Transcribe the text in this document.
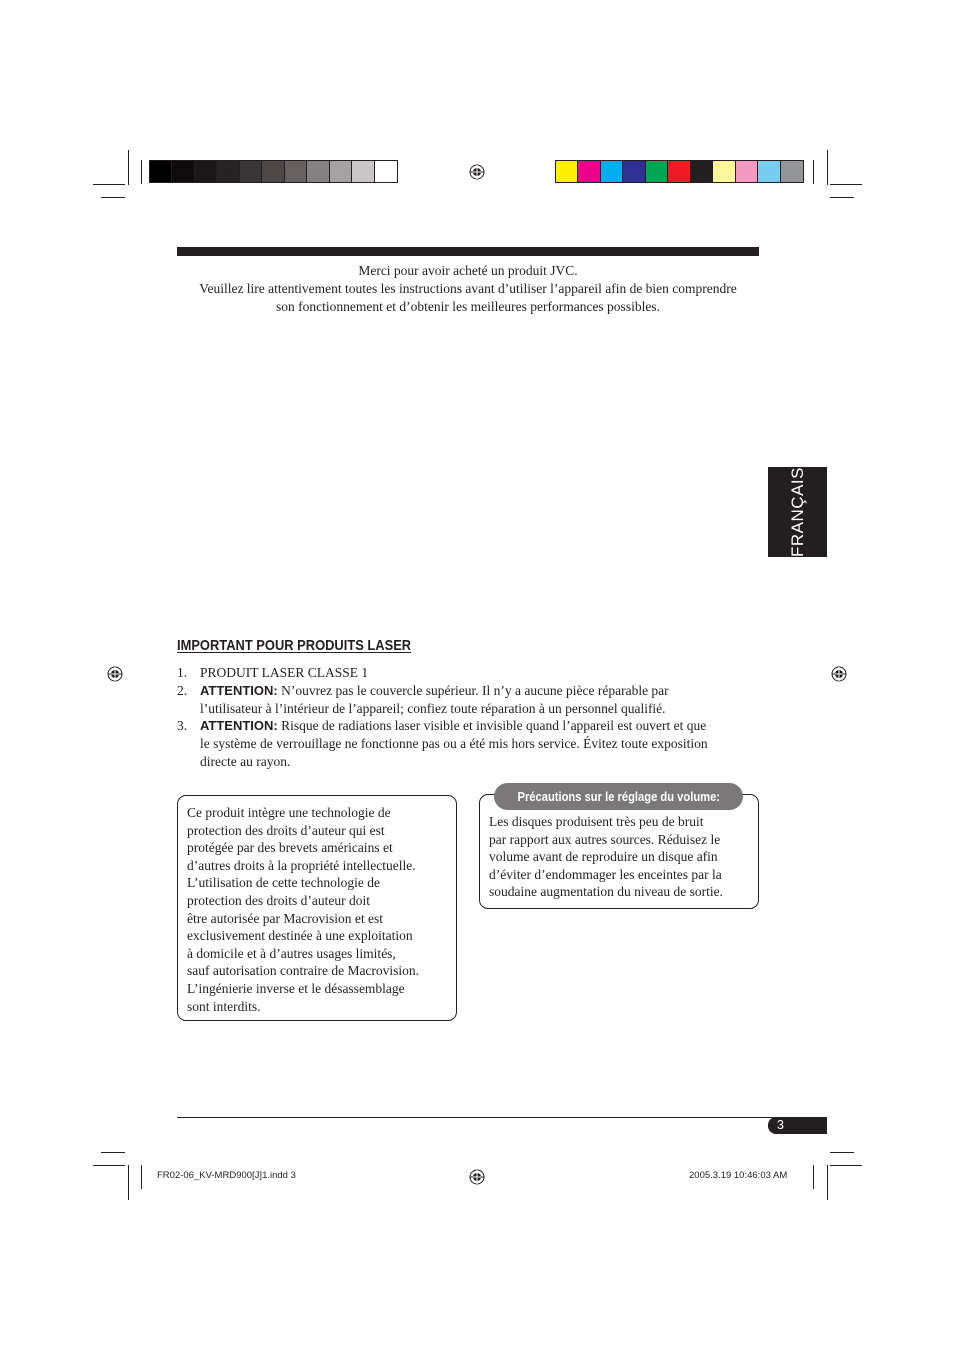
Merci pour avoir acheté un produit JVC.
Veuillez lire attentivement toutes les instructions avant d’utiliser l’appareil afin de bien comprendre
son fonctionnement et d’obtenir les meilleures performances possibles.
FRANÇAIS
IMPORTANT POUR PRODUITS LASER
1. PRODUIT LASER CLASSE 1
2. ATTENTION: N’ouvrez pas le couvercle supérieur. Il n’y a aucune pièce réparable par
l’utilisateur à l’intérieur de l’appareil; confiez toute réparation à un personnel qualifié.
3. ATTENTION: Risque de radiations laser visible et invisible quand l’appareil est ouvert et que
le système de verrouillage ne fonctionne pas ou a été mis hors service. Évitez toute exposition
directe au rayon.
Ce produit intègre une technologie de
protection des droits d’auteur qui est
protégée par des brevets américains et
d’autres droits à la propriété intellectuelle.
L’utilisation de cette technologie de
protection des droits d’auteur doit
être autorisée par Macrovision et est
exclusivement destinée à une exploitation
à domicile et à d’autres usages limités,
sauf autorisation contraire de Macrovision.
L’ingénierie inverse et le désassemblage
sont interdits.
Les disques produisent très peu de bruit
par rapport aux autres sources. Réduisez le
volume avant de reproduire un disque afin
d’éviter d’endommager les enceintes par la
soudaine augmentation du niveau de sortie.
Précautions sur le réglage du volume:
3
FR02-06_KV-MRD900[J]1.indd 3	2005.3.19 10:46:03 AM
